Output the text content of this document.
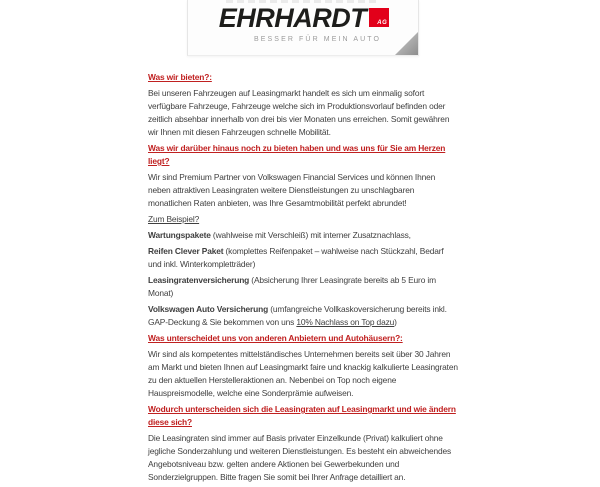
EHRHARDT AG
BESSER FÜR MEIN AUTO

Was wir bieten?:

Bei unseren Fahrzeugen auf Leasingmarkt handelt es sich um einmalig sofort verfügbare Fahrzeuge, Fahrzeuge welche sich im Produktionsvorlauf befinden oder zeitlich absehbar innerhalb von drei bis vier Monaten uns erreichen. Somit gewähren wir Ihnen mit diesen Fahrzeugen schnelle Mobilität.

Was wir darüber hinaus noch zu bieten haben und was uns für Sie am Herzen liegt?

Wir sind Premium Partner von Volkswagen Financial Services und können Ihnen neben attraktiven Leasingraten weitere Dienstleistungen zu unschlagbaren monatlichen Raten anbieten, was Ihre Gesamtmobilität perfekt abrundet!

Zum Beispiel?

Wartungspakete (wahlweise mit Verschleiß) mit interner Zusatznachlass,

Reifen Clever Paket (komplettes Reifenpaket – wahlweise nach Stückzahl, Bedarf und inkl. Winterkompletträder)

Leasingratenversicherung (Absicherung Ihrer Leasingrate bereits ab 5 Euro im Monat)

Volkswagen Auto Versicherung (umfangreiche Vollkaskoversicherung bereits inkl. GAP-Deckung & Sie bekommen von uns 10% Nachlass on Top dazu)

Was unterscheidet uns von anderen Anbietern und Autohäusern?:

Wir sind als kompetentes mittelständisches Unternehmen bereits seit über 30 Jahren am Markt und bieten Ihnen auf Leasingmarkt faire und knackig kalkulierte Leasingraten zu den aktuellen Herstelleraktionen an. Nebenbei on Top noch eigene Hauspreismodelle, welche eine Sonderprämie aufweisen.

Wodurch unterscheiden sich die Leasingraten auf Leasingmarkt und wie ändern diese sich?

Die Leasingraten sind immer auf Basis privater Einzelkunde (Privat) kalkuliert ohne jegliche Sonderzahlung und weiteren Dienstleistungen. Es besteht ein abweichendes Angebotsniveau bzw. gelten andere Aktionen bei Gewerbekunden und Sonderzielgruppen. Bitte fragen Sie somit bei Ihrer Anfrage detailliert an.
